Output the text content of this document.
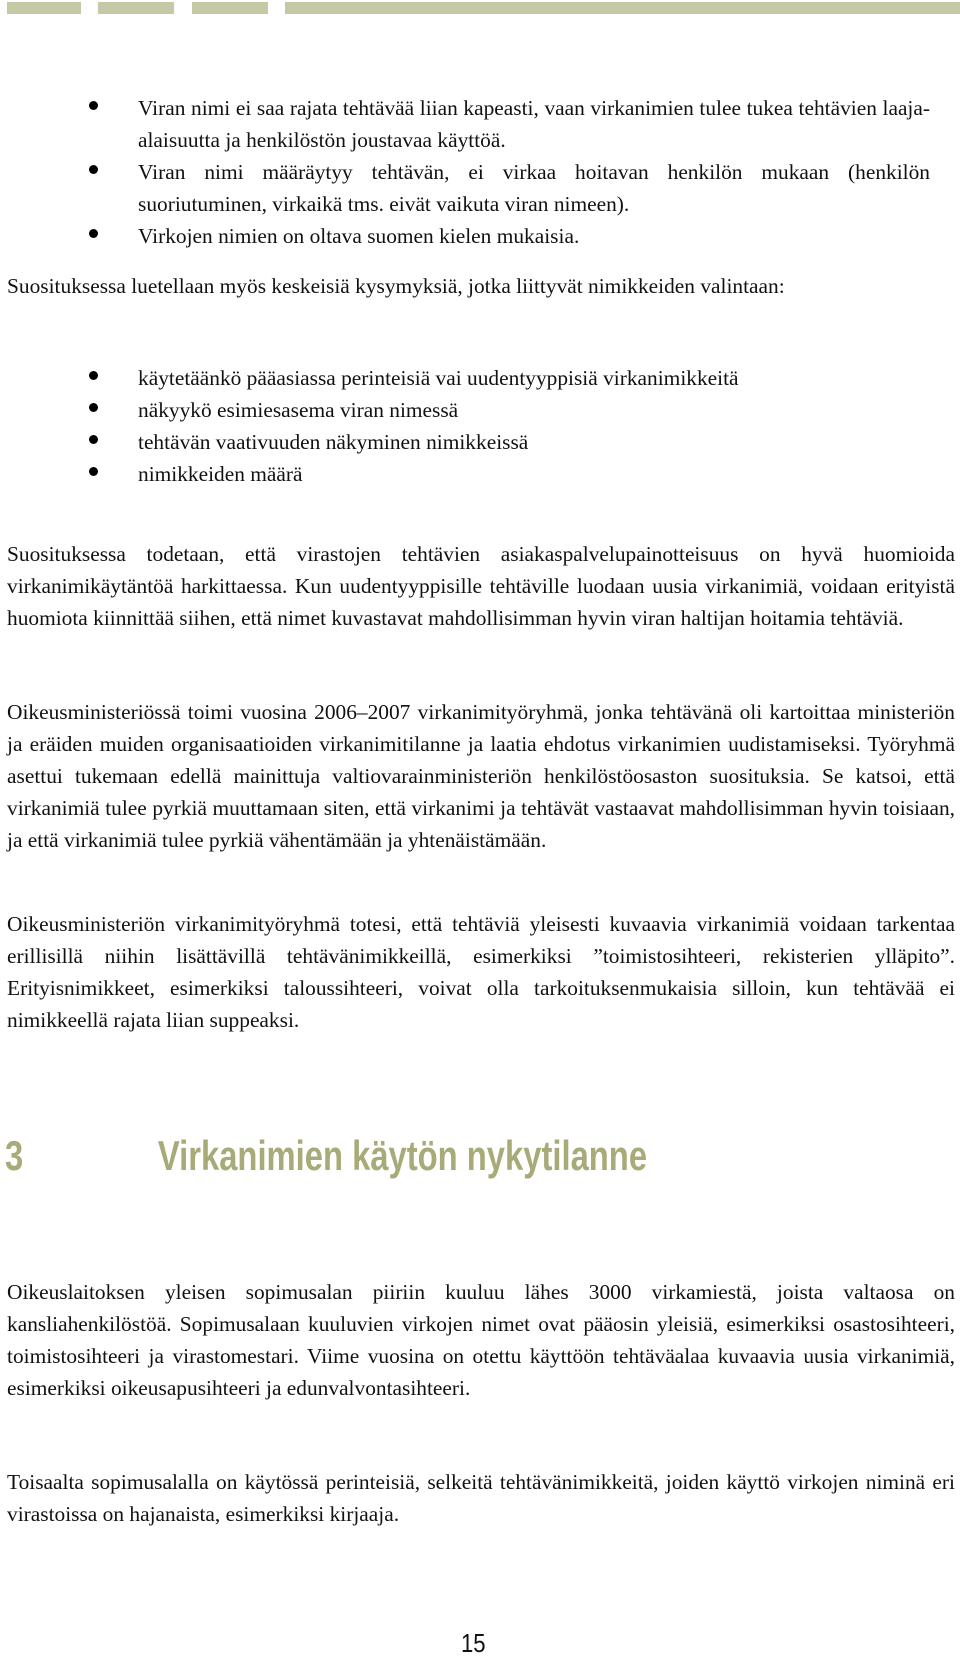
Viran nimi ei saa rajata tehtävää liian kapeasti, vaan virkanimien tulee tukea tehtävien laaja-alaisuutta ja henkilöstön joustavaa käyttöä.
Viran nimi määräytyy tehtävän, ei virkaa hoitavan henkilön mukaan (henkilön suoriutuminen, virkaikä tms. eivät vaikuta viran nimeen).
Virkojen nimien on oltava suomen kielen mukaisia.

Suosituksessa luetellaan myös keskeisiä kysymyksiä, jotka liittyvät nimikkeiden valintaan:

käytetäänkö pääasiassa perinteisiä vai uudentyyppisiä virkanimikkeitä
näkyykö esimiesasema viran nimessä
tehtävän vaativuuden näkyminen nimikkeissä
nimikkeiden määrä

Suosituksessa todetaan, että virastojen tehtävien asiakaspalvelupainotteisuus on hyvä huomioida virkanimikäytäntöä harkittaessa. Kun uudentyyppisille tehtäville luodaan uusia virkanimiä, voidaan erityistä huomiota kiinnittää siihen, että nimet kuvastavat mahdollisimman hyvin viran haltijan hoitamia tehtäviä.

Oikeusministeriössä toimi vuosina 2006–2007 virkanimityöryhmä, jonka tehtävänä oli kartoittaa ministeriön ja eräiden muiden organisaatioiden virkanimitilanne ja laatia ehdotus virkanimien uudistamiseksi. Työryhmä asettui tukemaan edellä mainittuja valtiovarainministeriön henkilöstöosaston suosituksia. Se katsoi, että virkanimiä tulee pyrkiä muuttamaan siten, että virkanimi ja tehtävät vastaavat mahdollisimman hyvin toisiaan, ja että virkanimiä tulee pyrkiä vähentämään ja yhtenäistämään.

Oikeusministeriön virkanimityöryhmä totesi, että tehtäviä yleisesti kuvaavia virkanimiä voidaan tarkentaa erillisillä niihin lisättävillä tehtävänimikkeillä, esimerkiksi ”toimistosihteeri, rekisterien ylläpito”. Erityisnimikkeet, esimerkiksi taloussihteeri, voivat olla tarkoituksenmukaisia silloin, kun tehtävää ei nimikkeellä rajata liian suppeaksi.

3	Virkanimien käytön nykytilanne

Oikeuslaitoksen yleisen sopimusalan piiriin kuuluu lähes 3000 virkamiestä, joista valtaosa on kansliahenkilöstöä. Sopimusalaan kuuluvien virkojen nimet ovat pääosin yleisiä, esimerkiksi osastosihteeri, toimistosihteeri ja virastomestari. Viime vuosina on otettu käyttöön tehtäväalaa kuvaavia uusia virkanimiä, esimerkiksi oikeusapusihteeri ja edunvalvontasihteeri.

Toisaalta sopimusalalla on käytössä perinteisiä, selkeitä tehtävänimikkeitä, joiden käyttö virkojen niminä eri virastoissa on hajanaista, esimerkiksi kirjaaja.

15
